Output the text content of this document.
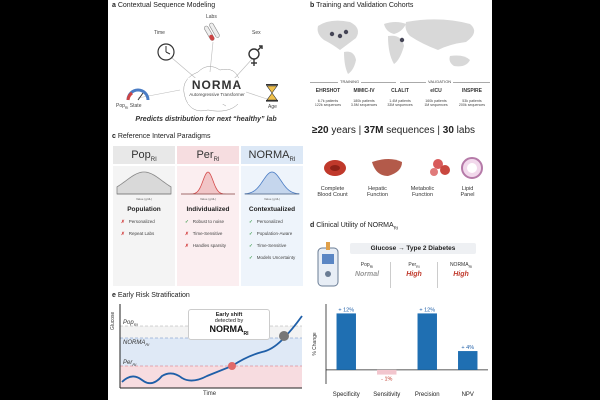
a Contextual Sequence Modeling
Labs
Time	Sex
Pop$_{RI}$ State	Age
NORMA
Autoregressive Transformer
Predicts distribution for next “healthy” lab
b Training and Validation Cohorts
TRAINING	VALIDATION
EHRSHOT
6.7k patients
122k sequences
MIMIC-IV
180k patients
3.5M sequences
CLALIT
1.4M patients
33M sequences
eICU
160k patients
1M sequences
INSPIRE
53k patients
200k sequences
≥20 years | 37M sequences | 30 labs
Complete
Blood Count
Hepatic
Function
Metabolic
Function
Lipid
Panel
c Reference Interval Paradigms
Pop$_{RI}$
Value (g/dL)
Population
✗ Personalized
✗ Repeat Labs
Per$_{RI}$
Value (g/dL)
Individualized
✓ Robust to noise
✗ Time-Sensitive
✗ Handles sparsity
$NORMA_{RI}$
Value (g/dL)
Contextualized
✓ Personalized
✓ Population-Aware
✓ Time-Sensitive
✓ Models Uncertainty
d Clinical Utility of $NORMA_{RI}$
Glucose → Type 2 Diabetes
Pop$_{RI}$
Normal
Per$_{RI}$
High
$NORMA_{RI}$
High
% Change
+ 12%
Specificity
- 1%
Sensitivity
+ 12%
Precision
+ 4%
NPV
e Early Risk Stratification
Pop$_{RI}$
$NORMA_{RI}$
Per$_{RI}$
Early shift
detected by
$NORMA_{RI}$
Glucose
Time
